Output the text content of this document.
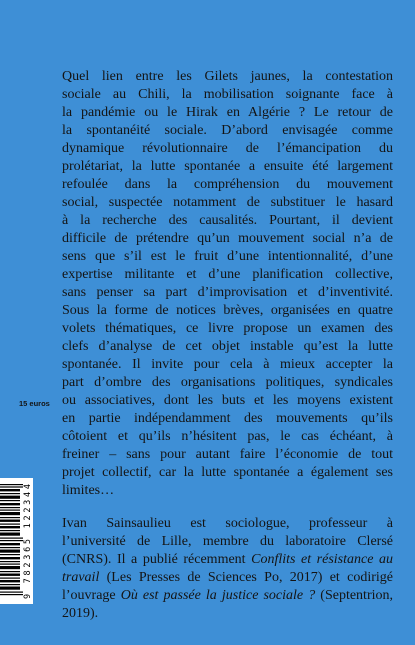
Quel lien entre les Gilets jaunes, la contestation
sociale au Chili, la mobilisation soignante face à
la pandémie ou le Hirak en Algérie ? Le retour de
la spontanéité sociale. D’abord envisagée comme
dynamique révolutionnaire de l’émancipation du
prolétariat, la lutte spontanée a ensuite été largement
refoulée dans la compréhension du mouvement
social, suspectée notamment de substituer le hasard
à la recherche des causalités. Pourtant, il devient
difficile de prétendre qu’un mouvement social n’a de
sens que s’il est le fruit d’une intentionnalité, d’une
expertise militante et d’une planification collective,
sans penser sa part d’improvisation et d’inventivité.
Sous la forme de notices brèves, organisées en quatre
volets thématiques, ce livre propose un examen des
clefs d’analyse de cet objet instable qu’est la lutte
spontanée. Il invite pour cela à mieux accepter la
part d’ombre des organisations politiques, syndicales
ou associatives, dont les buts et les moyens existent
en partie indépendamment des mouvements qu’ils
côtoient et qu’ils n’hésitent pas, le cas échéant, à
freiner – sans pour autant faire l’économie de tout
projet collectif, car la lutte spontanée a également ses
limites…
15 euros
9 782365 122344
Ivan Sainsaulieu est sociologue, professeur à
l’université de Lille, membre du laboratoire Clersé
(CNRS). Il a publié récemment Conflits et résistance au
travail (Les Presses de Sciences Po, 2017) et codirigé
l’ouvrage Où est passée la justice sociale ? (Septentrion,
2019).
